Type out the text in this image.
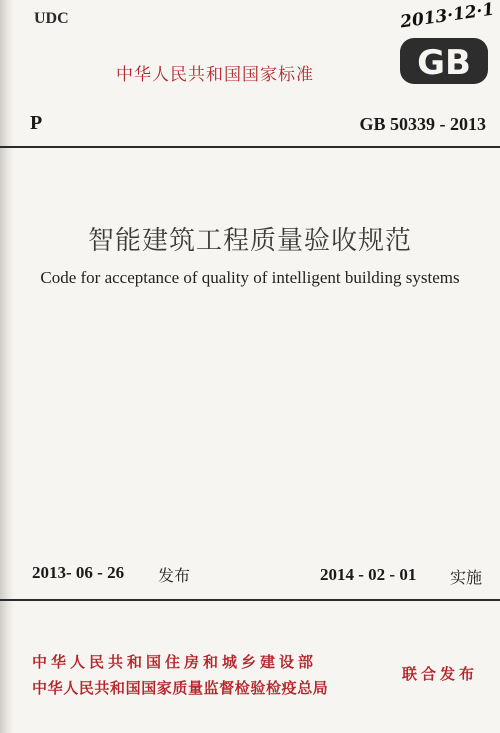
UDC	2013·12·1
中华人民共和国国家标准	GB
P	GB 50339 - 2013
智能建筑工程质量验收规范
Code for acceptance of quality of intelligent building systems
2013- 06 - 26 发布	2014 - 02 - 01 实施
中华人民共和国住房和城乡建设部
中华人民共和国国家质量监督检验检疫总局
联合发布
